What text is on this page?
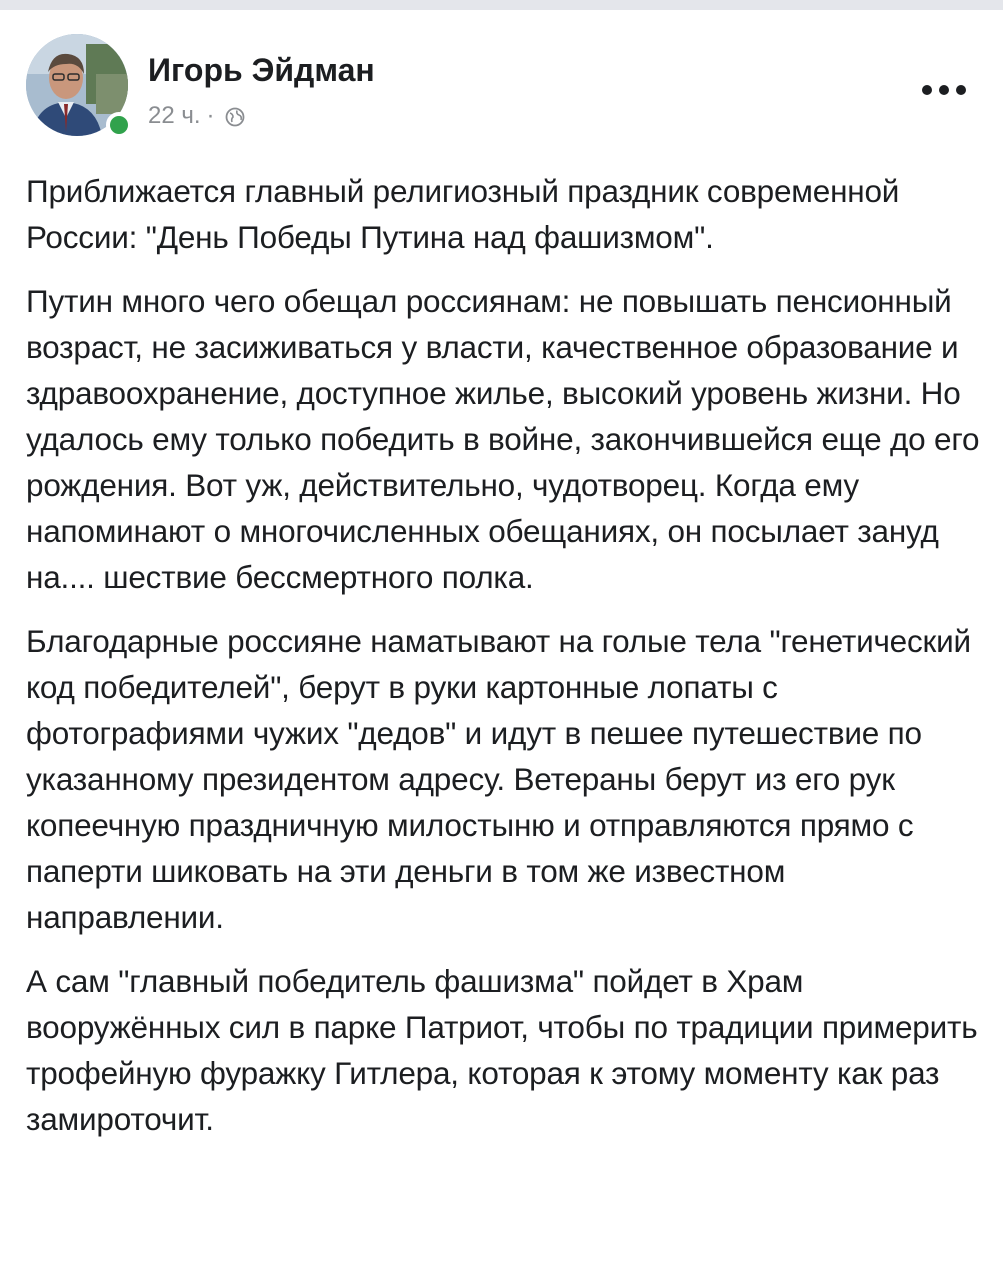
Игорь Эйдман
22 ч. ·

Приближается главный религиозный праздник современной России: "День Победы Путина над фашизмом".

Путин много чего обещал россиянам: не повышать пенсионный возраст, не засиживаться у власти, качественное образование и здравоохранение, доступное жилье, высокий уровень жизни. Но удалось ему только победить в войне, закончившейся еще до его рождения. Вот уж, действительно, чудотворец. Когда ему напоминают о многочисленных обещаниях, он посылает зануд на.... шествие бессмертного полка.

Благодарные россияне наматывают на голые тела "генетический код победителей", берут в руки картонные лопаты с фотографиями чужих "дедов" и идут в пешее путешествие по указанному президентом адресу. Ветераны берут из его рук копеечную праздничную милостыню и отправляются прямо с паперти шиковать на эти деньги в том же известном направлении.

А сам "главный победитель фашизма" пойдет в Храм вооружённых сил в парке Патриот, чтобы по традиции примерить трофейную фуражку Гитлера, которая к этому моменту как раз замироточит.
